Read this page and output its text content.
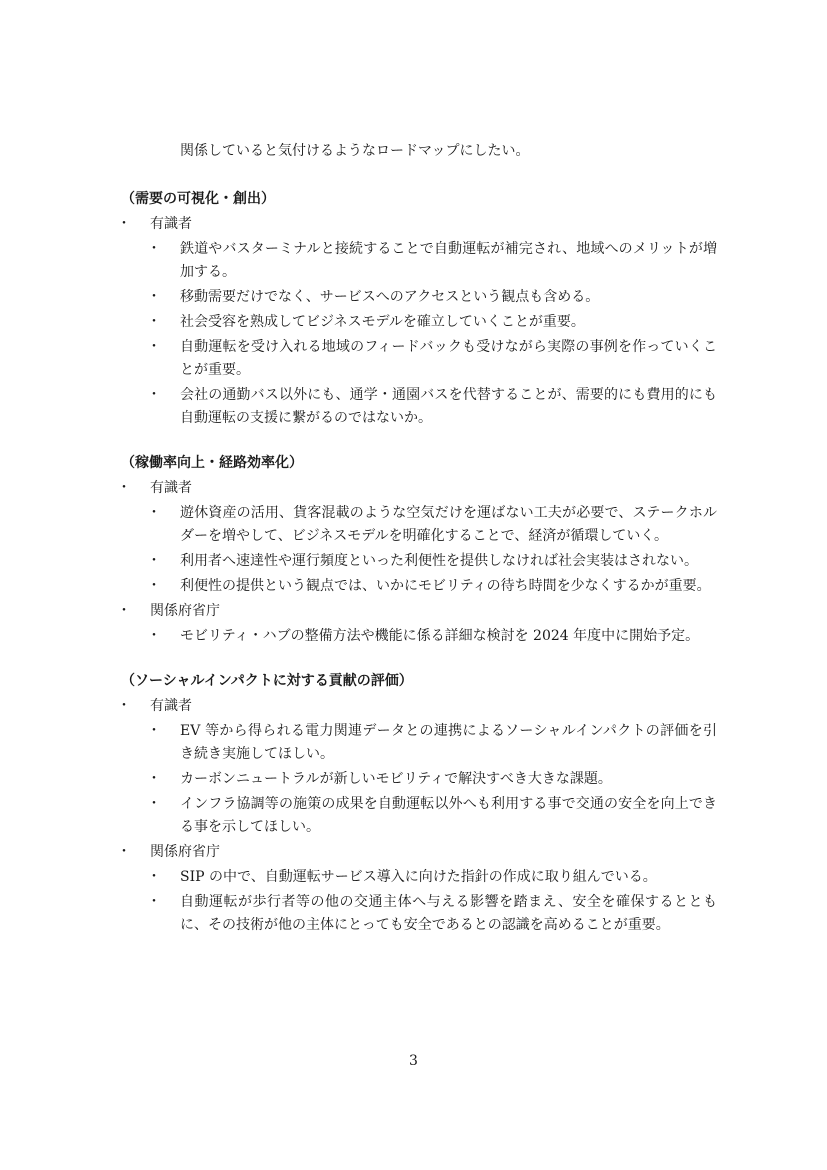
関係していると気付けるようなロードマップにしたい。
（需要の可視化・創出）
・ 有識者
・ 鉄道やバスターミナルと接続することで自動運転が補完され、地域へのメリットが増加する。
・ 移動需要だけでなく、サービスへのアクセスという観点も含める。
・ 社会受容を熟成してビジネスモデルを確立していくことが重要。
・ 自動運転を受け入れる地域のフィードバックも受けながら実際の事例を作っていくことが重要。
・ 会社の通勤バス以外にも、通学・通園バスを代替することが、需要的にも費用的にも自動運転の支援に繋がるのではないか。
（稼働率向上・経路効率化）
・ 有識者
・ 遊休資産の活用、貨客混載のような空気だけを運ばない工夫が必要で、ステークホルダーを増やして、ビジネスモデルを明確化することで、経済が循環していく。
・ 利用者へ速達性や運行頻度といった利便性を提供しなければ社会実装はされない。
・ 利便性の提供という観点では、いかにモビリティの待ち時間を少なくするかが重要。
・ 関係府省庁
・ モビリティ・ハブの整備方法や機能に係る詳細な検討を 2024 年度中に開始予定。
（ソーシャルインパクトに対する貢献の評価）
・ 有識者
・ EV 等から得られる電力関連データとの連携によるソーシャルインパクトの評価を引き続き実施してほしい。
・ カーボンニュートラルが新しいモビリティで解決すべき大きな課題。
・ インフラ協調等の施策の成果を自動運転以外へも利用する事で交通の安全を向上できる事を示してほしい。
・ 関係府省庁
・ SIP の中で、自動運転サービス導入に向けた指針の作成に取り組んでいる。
・ 自動運転が歩行者等の他の交通主体へ与える影響を踏まえ、安全を確保するとともに、その技術が他の主体にとっても安全であるとの認識を高めることが重要。
3
